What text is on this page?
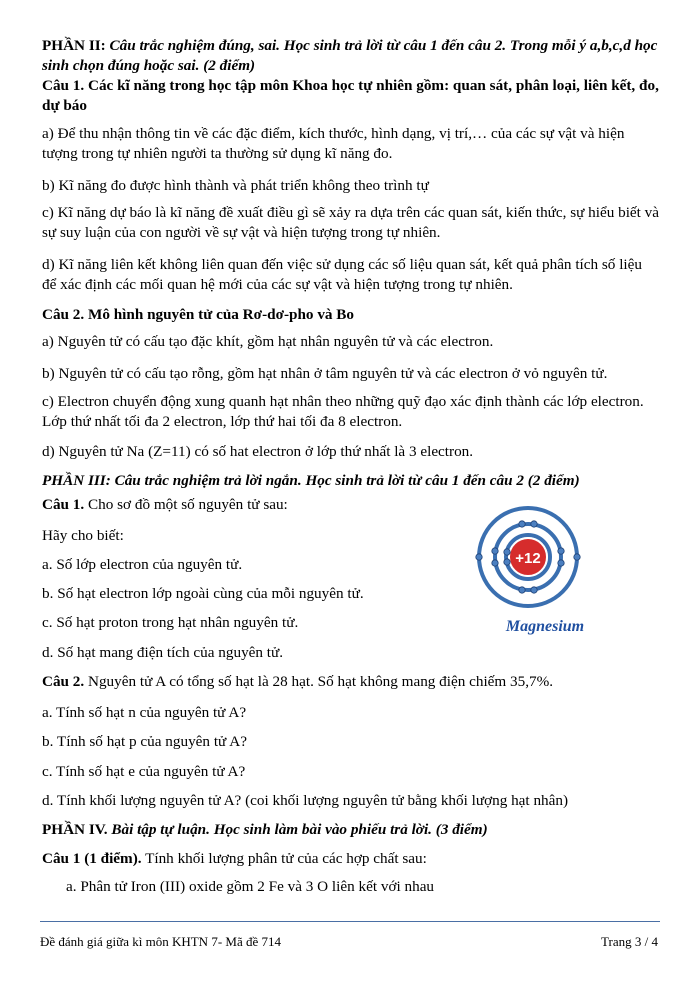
PHẦN II: Câu trắc nghiệm đúng, sai. Học sinh trả lời từ câu 1 đến câu 2. Trong mỗi ý a,b,c,d học sinh chọn đúng hoặc sai. (2 điểm)
Câu 1. Các kĩ năng trong học tập môn Khoa học tự nhiên gồm: quan sát, phân loại, liên kết, đo, dự báo
a) Để thu nhận thông tin về các đặc điểm, kích thước, hình dạng, vị trí,… của các sự vật và hiện tượng trong tự nhiên người ta thường sử dụng kĩ năng đo.
b) Kĩ năng đo được hình thành và phát triển không theo trình tự
c) Kĩ năng dự báo là kĩ năng đề xuất điều gì sẽ xảy ra dựa trên các quan sát, kiến thức, sự hiểu biết và sự suy luận của con người về sự vật và hiện tượng trong tự nhiên.
d) Kĩ năng liên kết không liên quan đến việc sử dụng các số liệu quan sát, kết quả phân tích số liệu để xác định các mối quan hệ mới của các sự vật và hiện tượng trong tự nhiên.
Câu 2. Mô hình nguyên tử của Rơ-dơ-pho và Bo
a) Nguyên tử có cấu tạo đặc khít, gồm hạt nhân nguyên tử và các electron.
b) Nguyên tử có cấu tạo rỗng, gồm hạt nhân ở tâm nguyên tử và các electron ở vỏ nguyên tử.
c) Electron chuyển động xung quanh hạt nhân theo những quỹ đạo xác định thành các lớp electron. Lớp thứ nhất tối đa 2 electron, lớp thứ hai tối đa 8 electron.
d) Nguyên tử Na (Z=11) có số hat electron ở lớp thứ nhất là 3 electron.
PHẦN III: Câu trắc nghiệm trả lời ngắn. Học sinh trả lời từ câu 1 đến câu 2 (2 điểm)
Câu 1. Cho sơ đồ một số nguyên tử sau:
Hãy cho biết:
a. Số lớp electron của nguyên tử.
b. Số hạt electron lớp ngoài cùng của mỗi nguyên tử.
c. Số hạt proton trong hạt nhân nguyên tử.
d. Số hạt mang điện tích của nguyên tử.
Câu 2. Nguyên tử A có tổng số hạt là 28 hạt. Số hạt không mang điện chiếm 35,7%.
a. Tính số hạt n của nguyên tử A?
b. Tính số hạt p của nguyên tử A?
c. Tính số hạt e của nguyên tử A?
d. Tính khối lượng nguyên tử A? (coi khối lượng nguyên tử bằng khối lượng hạt nhân)
PHẦN IV. Bài tập tự luận. Học sinh làm bài vào phiếu trả lời. (3 điểm)
Câu 1 (1 điểm). Tính khối lượng phân tử của các hợp chất sau:
a. Phân tử Iron (III) oxide gồm 2 Fe và 3 O liên kết với nhau
+12
Magnesium
Đề đánh giá giữa kì môn KHTN 7- Mã đề 714	Trang 3 / 4
